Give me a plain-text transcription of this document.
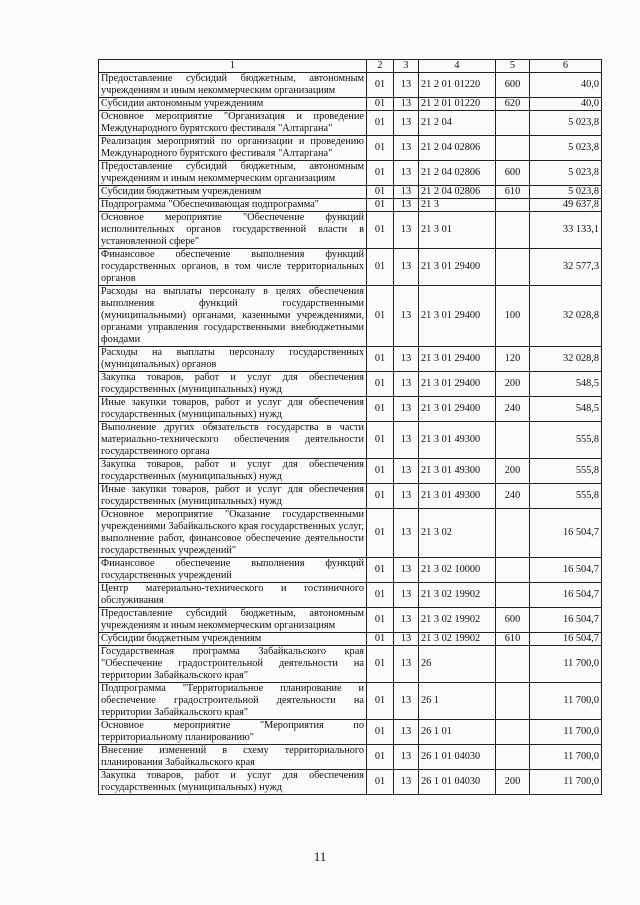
1	2	3	4	5	6
Предоставление субсидий бюджетным, автономным учреждениям и иным некоммерческим организациям	01	13	21 2 01 01220	600	40,0
Субсидии автономным учреждениям	01	13	21 2 01 01220	620	40,0
Основное мероприятие "Организация и проведение Международного бурятского фестиваля "Алтаргана"	01	13	21 2 04		5 023,8
Реализация мероприятий по организации и проведению Международного бурятского фестиваля "Алтаргана"	01	13	21 2 04 02806		5 023,8
Предоставление субсидий бюджетным, автономным учреждениям и иным некоммерческим организациям	01	13	21 2 04 02806	600	5 023,8
Субсидии бюджетным учреждениям	01	13	21 2 04 02806	610	5 023,8
Подпрограмма "Обеспечивающая подпрограмма"	01	13	21 3		49 637,8
Основное мероприятие "Обеспечение функций исполнительных органов государственной власти в установленной сфере"	01	13	21 3 01		33 133,1
Финансовое обеспечение выполнения функций государственных органов, в том числе территориальных органов	01	13	21 3 01 29400		32 577,3
Расходы на выплаты персоналу в целях обеспечения выполнения функций государственными (муниципальными) органами, казенными учреждениями, органами управления государственными внебюджетными фондами	01	13	21 3 01 29400	100	32 028,8
Расходы на выплаты персоналу государственных (муниципальных) органов	01	13	21 3 01 29400	120	32 028,8
Закупка товаров, работ и услуг для обеспечения государственных (муниципальных) нужд	01	13	21 3 01 29400	200	548,5
Иные закупки товаров, работ и услуг для обеспечения государственных (муниципальных) нужд	01	13	21 3 01 29400	240	548,5
Выполнение других обязательств государства в части материально-технического обеспечения деятельности государственного органа	01	13	21 3 01 49300		555,8
Закупка товаров, работ и услуг для обеспечения государственных (муниципальных) нужд	01	13	21 3 01 49300	200	555,8
Иные закупки товаров, работ и услуг для обеспечения государственных (муниципальных) нужд	01	13	21 3 01 49300	240	555,8
Основное мероприятие "Оказание государственными учреждениями Забайкальского края государственных услуг, выполнение работ, финансовое обеспечение деятельности государственных учреждений"	01	13	21 3 02		16 504,7
Финансовое обеспечение выполнения функций государственных учреждений	01	13	21 3 02 10000		16 504,7
Центр материально-технического и гостиничного обслуживания	01	13	21 3 02 19902		16 504,7
Предоставление субсидий бюджетным, автономным учреждениям и иным некоммерческим организациям	01	13	21 3 02 19902	600	16 504,7
Субсидии бюджетным учреждениям	01	13	21 3 02 19902	610	16 504,7
Государственная программа Забайкальского края "Обеспечение градостроительной деятельности на территории Забайкальского края"	01	13	26		11 700,0
Подпрограмма "Территориальное планирование и обеспечение градостроительной деятельности на территории Забайкальского края"	01	13	26 1		11 700,0
Основное мероприятие "Мероприятия по территориальному планированию"	01	13	26 1 01		11 700,0
Внесение изменений в схему территориального планирования Забайкальского края	01	13	26 1 01 04030		11 700,0
Закупка товаров, работ и услуг для обеспечения государственных (муниципальных) нужд	01	13	26 1 01 04030	200	11 700,0
11
